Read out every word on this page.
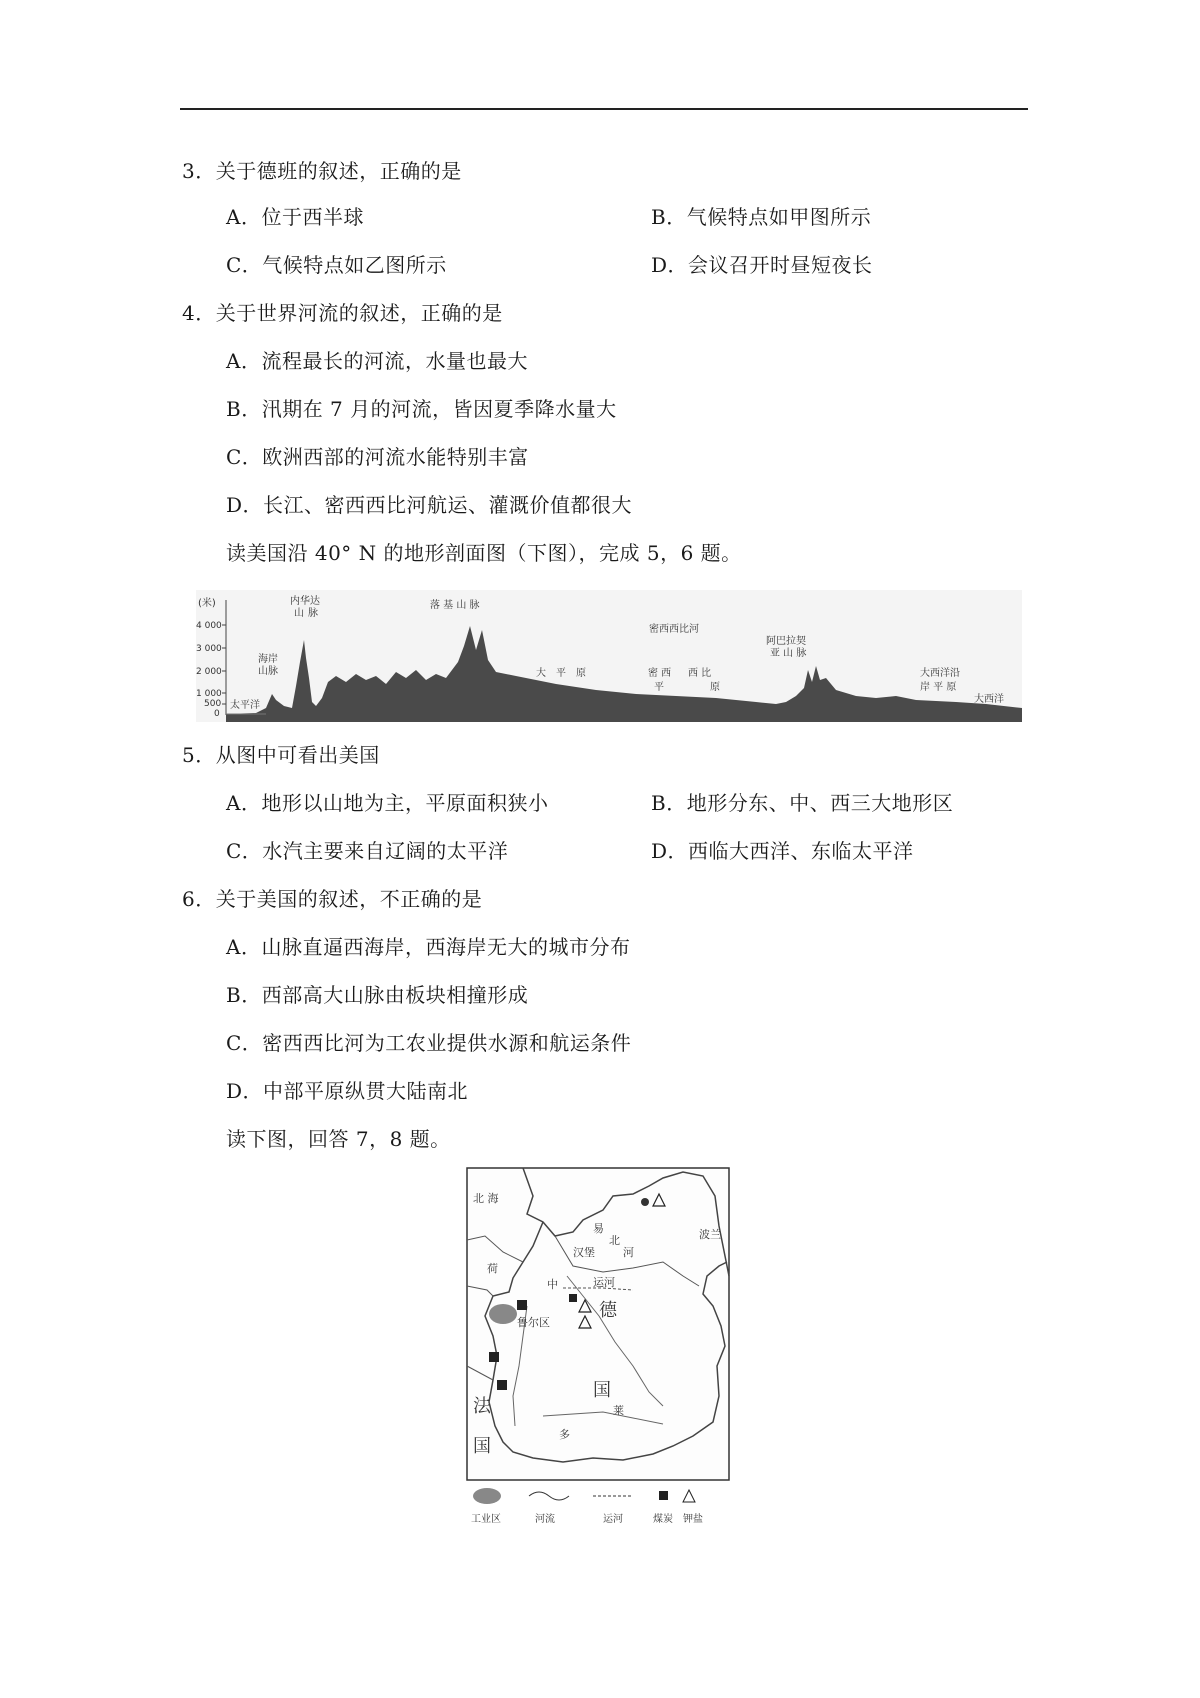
3．关于德班的叙述，正确的是
A．位于西半球	B．气候特点如甲图所示
C．气候特点如乙图所示	D．会议召开时昼短夜长
4．关于世界河流的叙述，正确的是
A．流程最长的河流，水量也最大
B．汛期在 7 月的河流，皆因夏季降水量大
C．欧洲西部的河流水能特别丰富
D．长江、密西西比河航运、灌溉价值都很大
读美国沿 40° N 的地形剖面图（下图），完成 5，6 题。
(米)
4 000
3 000
2 000
1 000
500
0
太平洋
海岸
山脉
内华达
山 脉
落 基 山 脉
密西西比河
大　平　原	密 西 西 比
平	原
阿巴拉契
亚 山 脉
大西洋沿
岸 平 原
大西洋
5．从图中可看出美国
A．地形以山地为主，平原面积狭小	B．地形分东、中、西三大地形区
C．水汽主要来自辽阔的太平洋	D．西临大西洋、东临太平洋
6．关于美国的叙述，不正确的是
A．山脉直逼西海岸，西海岸无大的城市分布
B．西部高大山脉由板块相撞形成
C．密西西比河为工农业提供水源和航运条件
D．中部平原纵贯大陆南北
读下图，回答 7，8 题。
北 海
汉堡
易
北
河
波兰
荷
鲁尔区
中	运河
德
国
莱
多
法
国
工业区	河流	运河	煤炭 钾盐
